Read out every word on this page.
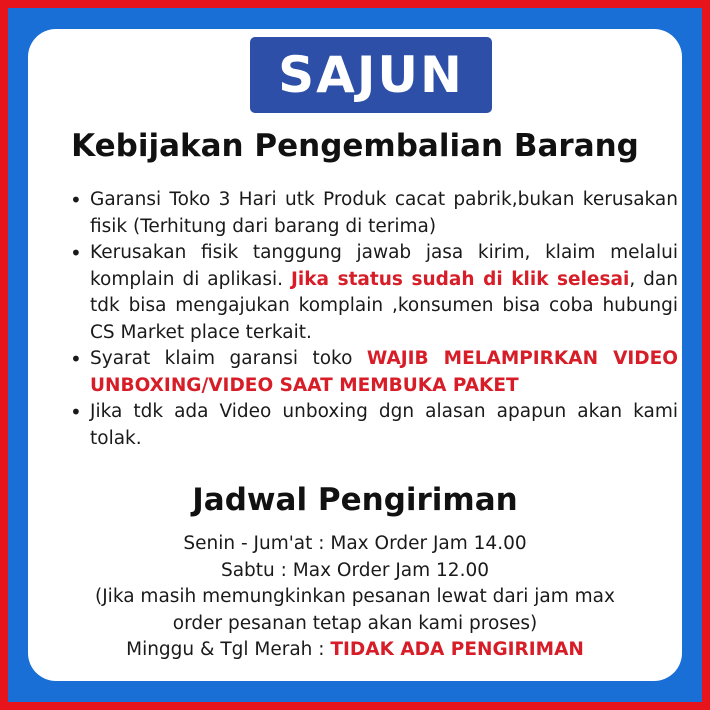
SAJUN
Kebijakan Pengembalian Barang
• Garansi Toko 3 Hari utk Produk cacat pabrik,bukan kerusakan fisik (Terhitung dari barang di terima)
• Kerusakan fisik tanggung jawab jasa kirim, klaim melalui komplain di aplikasi. Jika status sudah di klik selesai, dan tdk bisa mengajukan komplain ,konsumen bisa coba hubungi CS Market place terkait.
• Syarat klaim garansi toko WAJIB MELAMPIRKAN VIDEO UNBOXING/VIDEO SAAT MEMBUKA PAKET
• Jika tdk ada Video unboxing dgn alasan apapun akan kami tolak.
Jadwal Pengiriman
Senin - Jum'at : Max Order Jam 14.00
Sabtu : Max Order Jam 12.00
(Jika masih memungkinkan pesanan lewat dari jam max
order pesanan tetap akan kami proses)
Minggu & Tgl Merah : TIDAK ADA PENGIRIMAN
